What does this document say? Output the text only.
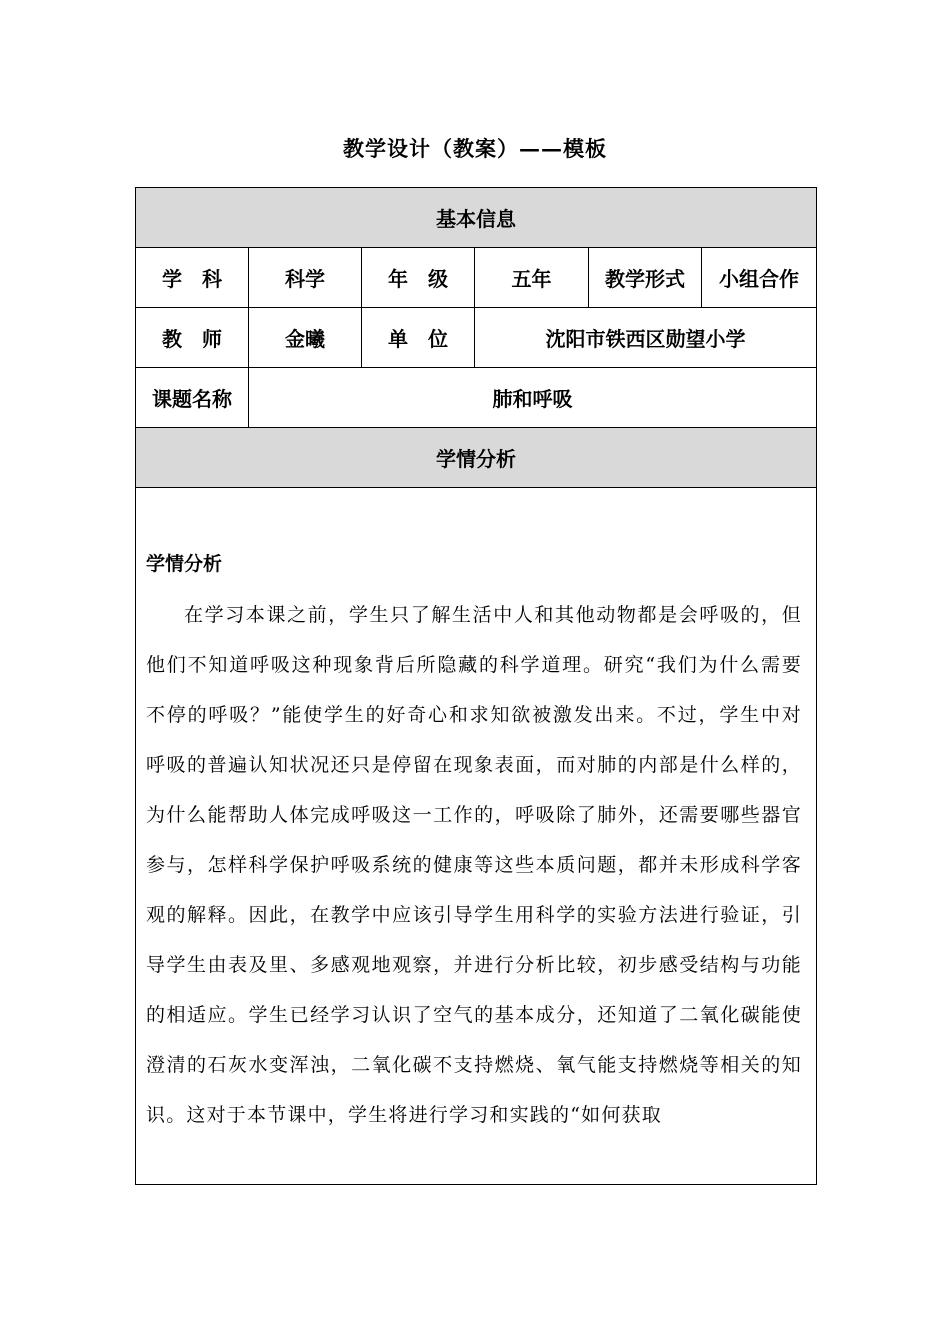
教学设计（教案）——模板
基本信息					
学　科	科学	年　级	五年	教学形式	小组合作
教　师	金曦	单　位	沈阳市铁西区勋望小学		
课题名称	肺和呼吸				
学情分析					

学情分析

在学习本课之前，学生只了解生活中人和其他动物都是会呼吸的，但他们不知道呼吸这种现象背后所隐藏的科学道理。研究“我们为什么需要不停的呼吸？”能使学生的好奇心和求知欲被激发出来。不过，学生中对呼吸的普遍认知状况还只是停留在现象表面，而对肺的内部是什么样的，为什么能帮助人体完成呼吸这一工作的，呼吸除了肺外，还需要哪些器官参与，怎样科学保护呼吸系统的健康等这些本质问题，都并未形成科学客观的解释。因此，在教学中应该引导学生用科学的实验方法进行验证，引导学生由表及里、多感观地观察，并进行分析比较，初步感受结构与功能的相适应。学生已经学习认识了空气的基本成分，还知道了二氧化碳能使澄清的石灰水变浑浊，二氧化碳不支持燃烧、氧气能支持燃烧等相关的知识。这对于本节课中，学生将进行学习和实践的“如何获取					
